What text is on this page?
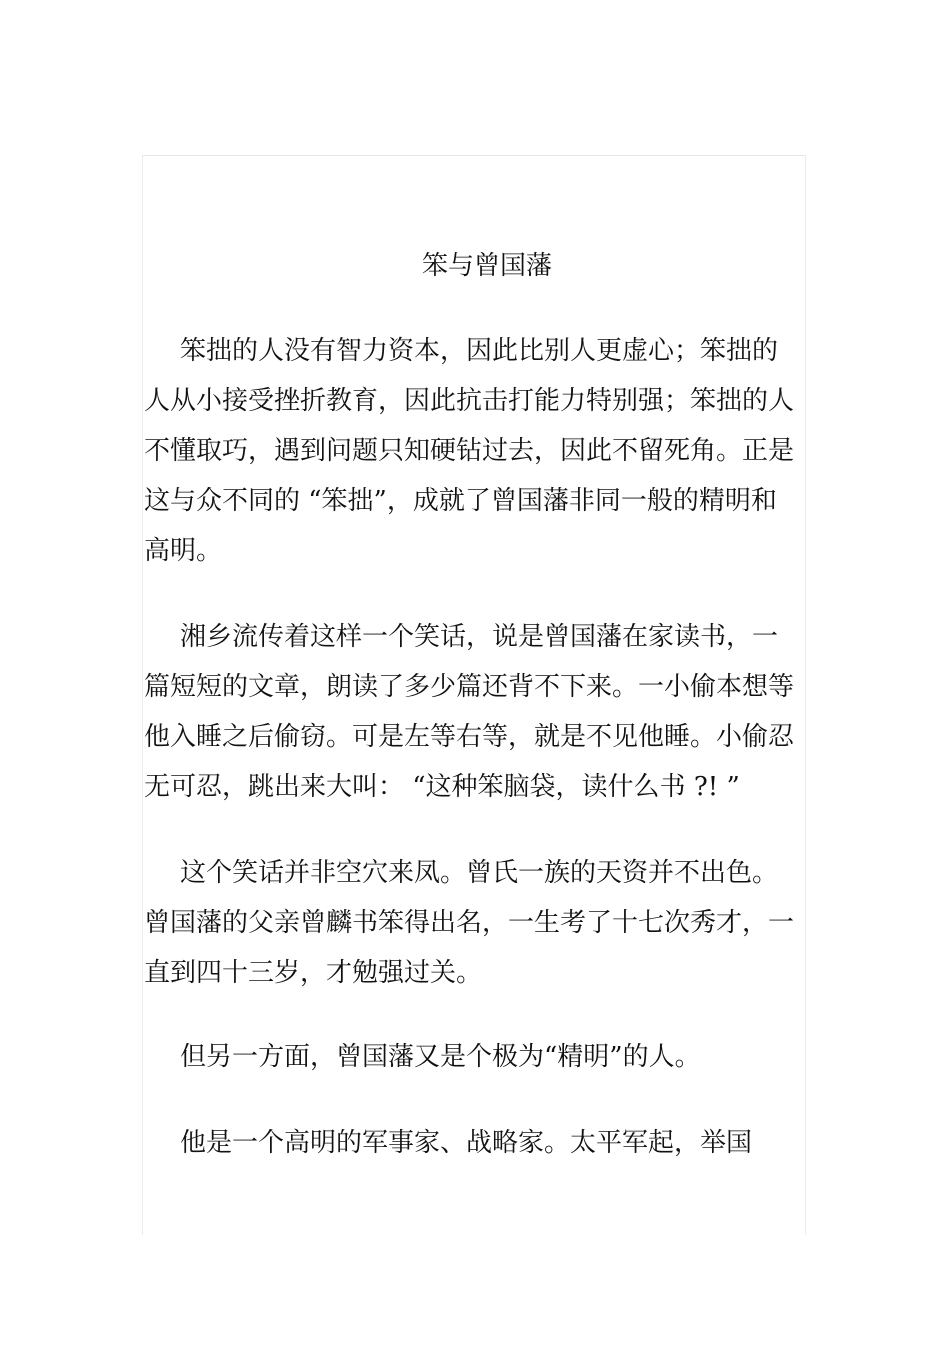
笨与曾国藩

笨拙的人没有智力资本，因此比别人更虚心；笨拙的人从小接受挫折教育，因此抗击打能力特别强；笨拙的人不懂取巧，遇到问题只知硬钻过去，因此不留死角。正是这与众不同的 “笨拙”，成就了曾国藩非同一般的精明和高明。

湘乡流传着这样一个笑话，说是曾国藩在家读书，一篇短短的文章，朗读了多少篇还背不下来。一小偷本想等他入睡之后偷窃。可是左等右等，就是不见他睡。小偷忍无可忍，跳出来大叫： “这种笨脑袋，读什么书 ?! ”

这个笑话并非空穴来凤。曾氏一族的天资并不出色。曾国藩的父亲曾麟书笨得出名，一生考了十七次秀才，一直到四十三岁，才勉强过关。

但另一方面，曾国藩又是个极为“精明”的人。

他是一个高明的军事家、战略家。太平军起，举国
